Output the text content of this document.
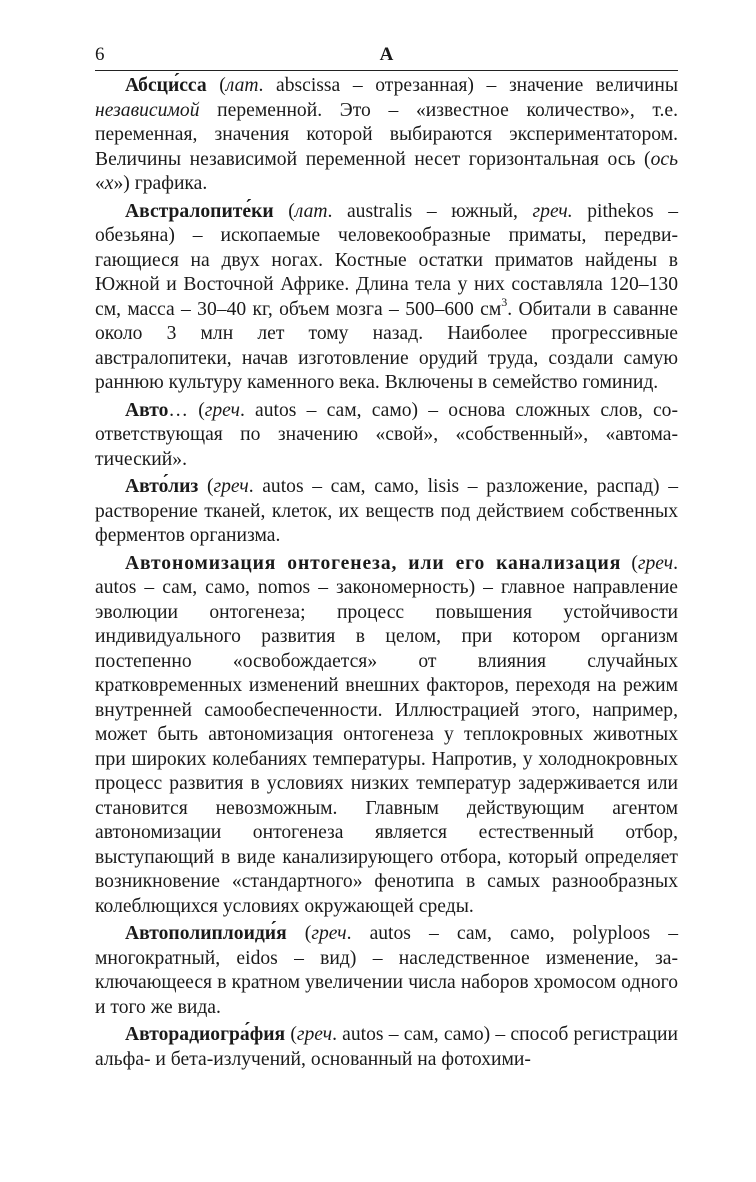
6	А

Абсци́сса (лат. abscissa – отрезанная) – значение величины независимой переменной. Это – «известное количество», т.е. переменная, значения которой выбираются экспериментатором. Величины независимой переменной несет горизонтальная ось (ось «x») графика.

Австралопите́ки (лат. australis – южный, греч. pithekos – обезьяна) – ископаемые человекообразные приматы, передвигающиеся на двух ногах. Костные остатки приматов найдены в Южной и Восточной Африке. Длина тела у них составляла 120–130 см, масса – 30–40 кг, объем мозга – 500–600 $см^3$. Обитали в саванне около 3 млн лет тому назад. Наиболее прогрессивные австралопитеки, начав изготовление орудий труда, создали самую раннюю культуру каменного века. Включены в семейство гоминид.

Авто… (греч. autos – сам, само) – основа сложных слов, соответствующая по значению «свой», «собственный», «автоматический».

Авто́лиз (греч. autos – сам, само, lisis – разложение, распад) – растворение тканей, клеток, их веществ под действием собственных ферментов организма.

Автономизация онтогенеза, или его канализация (греч. autos – сам, само, nomos – закономерность) – главное направление эволюции онтогенеза; процесс повышения устойчивости индивидуального развития в целом, при котором организм постепенно «освобождается» от влияния случайных кратковременных изменений внешних факторов, переходя на режим внутренней самообеспеченности. Иллюстрацией этого, например, может быть автономизация онтогенеза у теплокровных животных при широких колебаниях температуры. Напротив, у холоднокровных процесс развития в условиях низких температур задерживается или становится невозможным. Главным действующим агентом автономизации онтогенеза является естественный отбор, выступающий в виде канализирующего отбора, который определяет возникновение «стандартного» фенотипа в самых разнообразных колеблющихся условиях окружающей среды.

Автополиплоиди́я (греч. autos – сам, само, polyploos – многократный, eidos – вид) – наследственное изменение, заключающееся в кратном увеличении числа наборов хромосом одного и того же вида.

Авторадиогра́фия (греч. autos – сам, само) – способ регистрации альфа- и бета-излучений, основанный на фотохими-
